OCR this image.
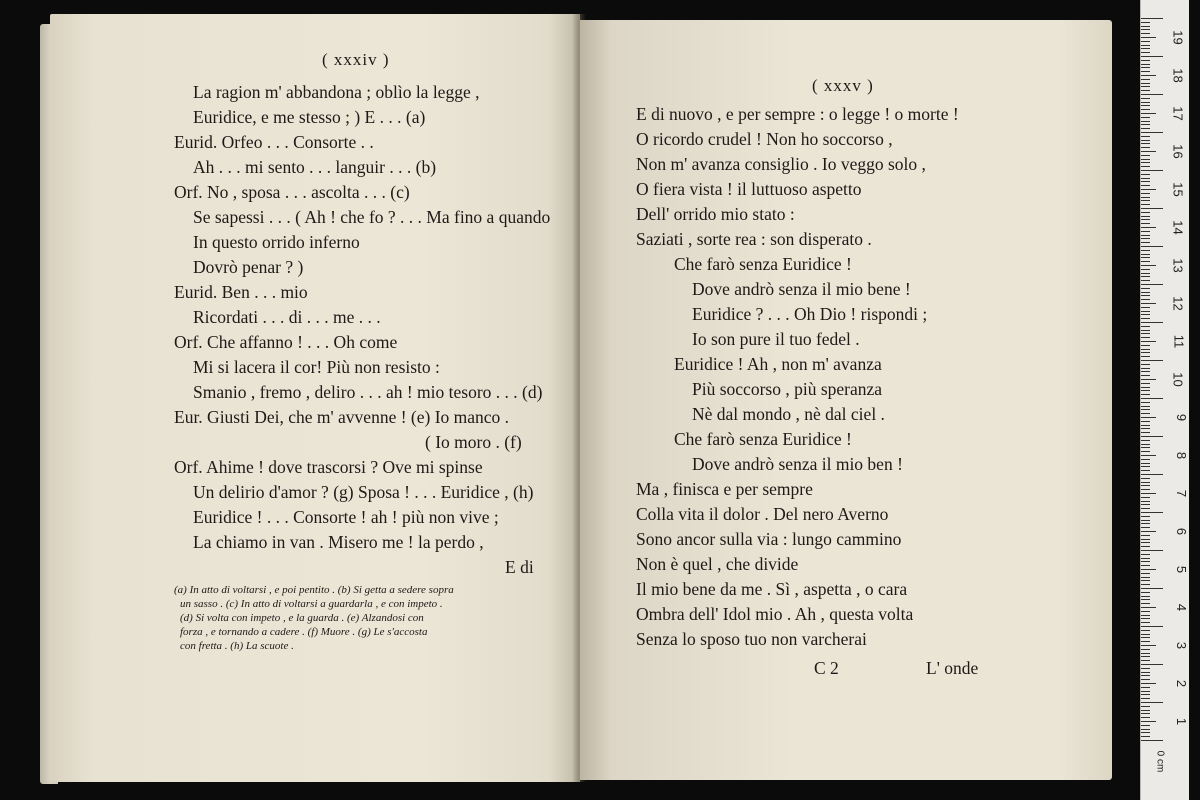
( xxxiv )
La ragion m' abbandona ; oblìo la legge ,
Euridice, e me stesso ; ) E . . . (a)
Eurid. Orfeo . . . Consorte . .
Ah . . . mi sento . . . languir . . . (b)
Orf. No , sposa . . . ascolta . . . (c)
Se sapessi . . . ( Ah ! che fo ? . . . Ma fino a quando
In questo orrido inferno
Dovrò penar ? )
Eurid. Ben . . . mio
Ricordati . . . di . . . me . . .
Orf. Che affanno ! . . . Oh come
Mi si lacera il cor! Più non resisto :
Smanio , fremo , deliro . . . ah ! mio tesoro . . . (d)
Eur. Giusti Dei, che m' avvenne ! (e) Io manco .
( Io moro . (f)
Orf. Ahime ! dove trascorsi ? Ove mi spinse
Un delirio d'amor ? (g) Sposa ! . . . Euridice , (h)
Euridice ! . . . Consorte ! ah ! più non vive ;
La chiamo in van . Misero me ! la perdo ,
E di
(a) In atto di voltarsi , e poi pentito . (b) Si getta a sedere sopra
un sasso . (c) In atto di voltarsi a guardarla , e con impeto .
(d) Si volta con impeto , e la guarda . (e) Alzandosi con
forza , e tornando a cadere . (f) Muore . (g) Le s'accosta
con fretta . (h) La scuote .
( xxxv )
E di nuovo , e per sempre : o legge ! o morte !
O ricordo crudel ! Non ho soccorso ,
Non m' avanza consiglio . Io veggo solo ,
O fiera vista ! il luttuoso aspetto
Dell' orrido mio stato :
Saziati , sorte rea : son disperato .
Che farò senza Euridice !
Dove andrò senza il mio bene !
Euridice ? . . . Oh Dio ! rispondi ;
Io son pure il tuo fedel .
Euridice ! Ah , non m' avanza
Più soccorso , più speranza
Nè dal mondo , nè dal ciel .
Che farò senza Euridice !
Dove andrò senza il mio ben !
Ma , finisca e per sempre
Colla vita il dolor . Del nero Averno
Sono ancor sulla via : lungo cammino
Non è quel , che divide
Il mio bene da me . Sì , aspetta , o cara
Ombra dell' Idol mio . Ah , questa volta
Senza lo sposo tuo non varcherai
C 2	L' onde
0 cm
19
18
17
16
15
14
13
12
11
10
9
8
7
6
5
4
3
2
1
